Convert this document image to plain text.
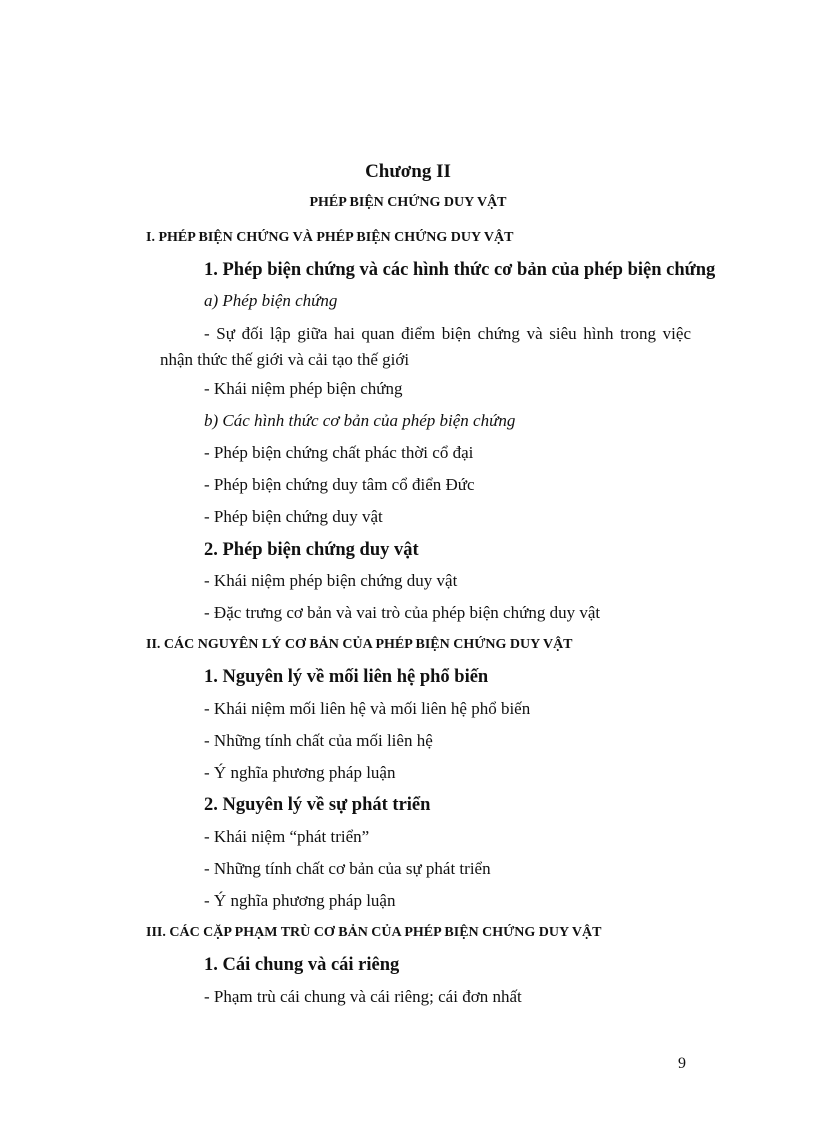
Chương II
PHÉP BIỆN CHỨNG DUY VẬT
I. PHÉP BIỆN CHỨNG VÀ PHÉP BIỆN CHỨNG DUY VẬT
1. Phép biện chứng và các hình thức cơ bản của phép biện chứng
a) Phép biện chứng
- Sự đối lập giữa hai quan điểm biện chứng và siêu hình trong việc nhận thức thế giới và cải tạo thế giới
- Khái niệm phép biện chứng
b) Các hình thức cơ bản của phép biện chứng
- Phép biện chứng chất phác thời cổ đại
- Phép biện chứng duy tâm cổ điển Đức
- Phép biện chứng duy vật
2. Phép biện chứng duy vật
- Khái niệm phép biện chứng duy vật
- Đặc trưng cơ bản và vai trò của phép biện chứng duy vật
II. CÁC NGUYÊN LÝ CƠ BẢN CỦA PHÉP BIỆN CHỨNG DUY VẬT
1. Nguyên lý về mối liên hệ phổ biến
- Khái niệm mối liên hệ và mối liên hệ phổ biến
- Những tính chất của mối liên hệ
- Ý nghĩa phương pháp luận
2. Nguyên lý về sự phát triển
- Khái niệm “phát triển”
- Những tính chất cơ bản của sự phát triển
- Ý nghĩa phương pháp luận
III. CÁC CẶP PHẠM TRÙ CƠ BẢN CỦA PHÉP BIỆN CHỨNG DUY VẬT
1. Cái chung và cái riêng
- Phạm trù cái chung và cái riêng; cái đơn nhất
9
